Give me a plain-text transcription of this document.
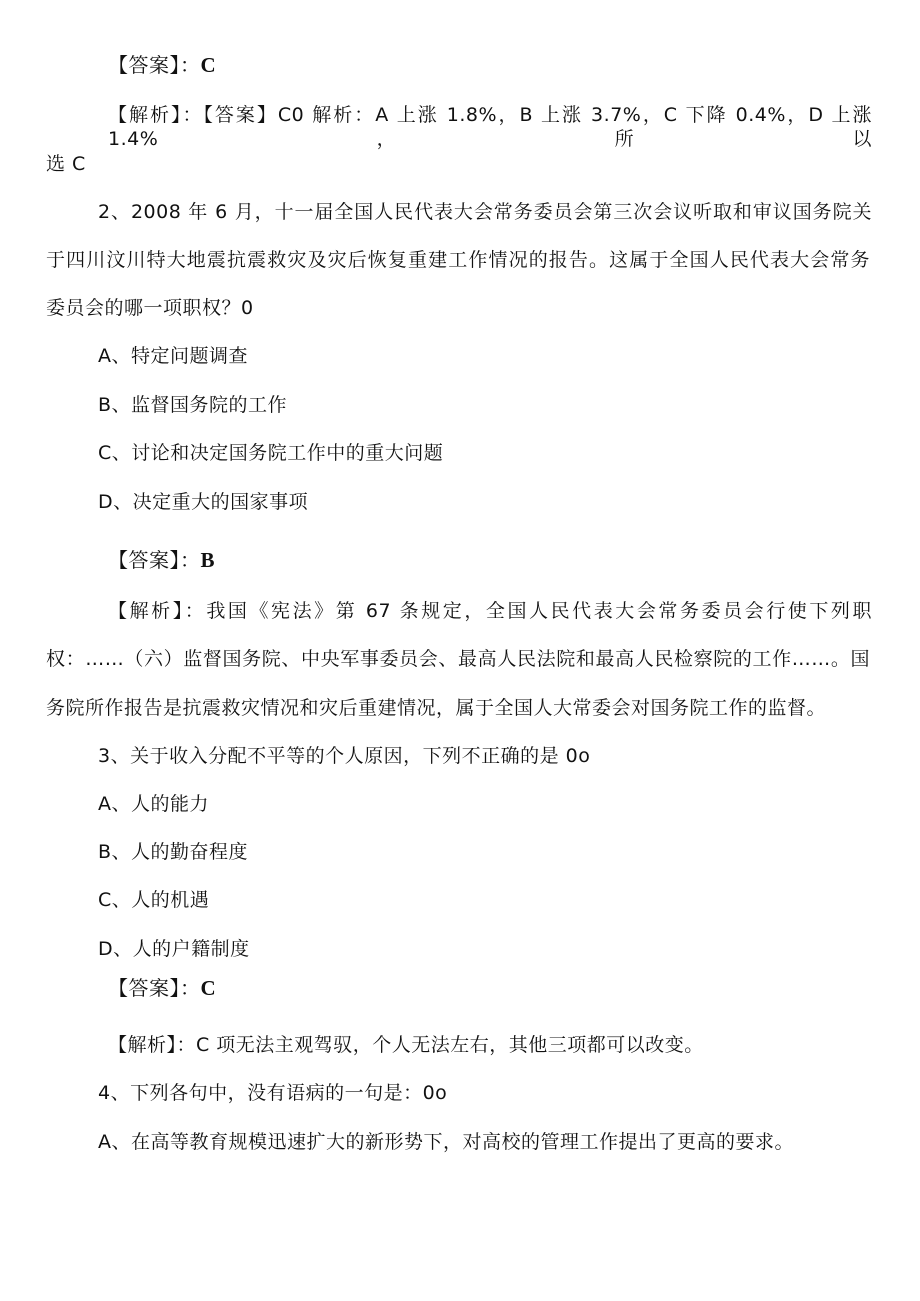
【答案】：C
【解析】：【答案】C0 解析：A 上涨 1.8%，B 上涨 3.7%，C 下降 0.4%，D 上涨 1.4%，所以
选 C
2、2008 年 6 月，十一届全国人民代表大会常务委员会第三次会议听取和审议国务院关
于四川汶川特大地震抗震救灾及灾后恢复重建工作情况的报告。这属于全国人民代表大会常务
委员会的哪一项职权？0
A、特定问题调查
B、监督国务院的工作
C、讨论和决定国务院工作中的重大问题
D、决定重大的国家事项
【答案】：B
【解析】：我国《宪法》第 67 条规定，全国人民代表大会常务委员会行使下列职
权：……（六）监督国务院、中央军事委员会、最高人民法院和最高人民检察院的工作……。国
务院所作报告是抗震救灾情况和灾后重建情况，属于全国人大常委会对国务院工作的监督。
3、关于收入分配不平等的个人原因，下列不正确的是 0o
A、人的能力
B、人的勤奋程度
C、人的机遇
D、人的户籍制度
【答案】：C
【解析】：C 项无法主观驾驭，个人无法左右，其他三项都可以改变。
4、下列各句中，没有语病的一句是：0o
A、在高等教育规模迅速扩大的新形势下，对高校的管理工作提出了更高的要求。
